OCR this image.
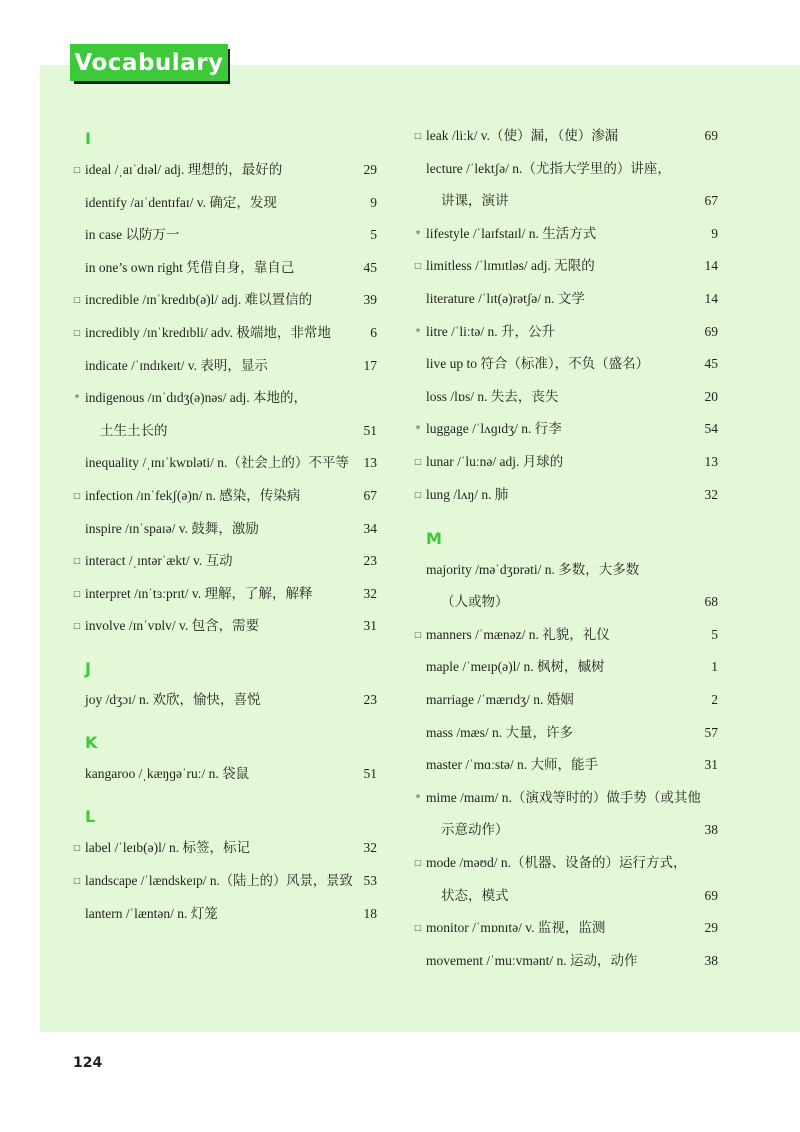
Vocabulary
I
□ ideal /ˌaɪˈdɪəl/ adj. 理想的，最好的	29
identify /aɪˈdentɪfaɪ/ v. 确定，发现	9
in case 以防万一	5
in one’s own right 凭借自身，靠自己	45
□ incredible /ɪnˈkredɪb(ə)l/ adj. 难以置信的	39
□ incredibly /ɪnˈkredɪbli/ adv. 极端地，非常地	6
indicate /ˈɪndɪkeɪt/ v. 表明，显示	17
* indigenous /ɪnˈdɪdʒ(ə)nəs/ adj. 本地的，
土生土长的	51
inequality /ˌɪnɪˈkwɒləti/ n.（社会上的）不平等 13
□ infection /ɪnˈfekʃ(ə)n/ n. 感染，传染病	67
inspire /ɪnˈspaɪə/ v. 鼓舞，激励	34
□ interact /ˌɪntərˈækt/ v. 互动	23
□ interpret /ɪnˈtɜːprɪt/ v. 理解，了解，解释	32
□ involve /ɪnˈvɒlv/ v. 包含，需要	31
J
joy /dʒɔɪ/ n. 欢欣，愉快，喜悦	23
K
kangaroo /ˌkæŋɡəˈruː/ n. 袋鼠	51
L
□ label /ˈleɪb(ə)l/ n. 标签，标记	32
□ landscape /ˈlændskeɪp/ n.（陆上的）风景，景致 53
lantern /ˈlæntən/ n. 灯笼	18
□ leak /liːk/ v.（使）漏，（使）渗漏	69
lecture /ˈlektʃə/ n.（尤指大学里的）讲座，
讲课，演讲	67
* lifestyle /ˈlaɪfstaɪl/ n. 生活方式	9
□ limitless /ˈlɪmɪtləs/ adj. 无限的	14
literature /ˈlɪt(ə)rətʃə/ n. 文学	14
* litre /ˈliːtə/ n. 升，公升	69
live up to 符合（标准），不负（盛名）	45
loss /lɒs/ n. 失去，丧失	20
* luggage /ˈlʌɡɪdʒ/ n. 行李	54
□ lunar /ˈluːnə/ adj. 月球的	13
□ lung /lʌŋ/ n. 肺	32
M
majority /məˈdʒɒrəti/ n. 多数，大多数
（人或物）	68
□ manners /ˈmænəz/ n. 礼貌，礼仪	5
maple /ˈmeɪp(ə)l/ n. 枫树，槭树	1
marriage /ˈmærɪdʒ/ n. 婚姻	2
mass /mæs/ n. 大量，许多	57
master /ˈmɑːstə/ n. 大师，能手	31
* mime /maɪm/ n.（演戏等时的）做手势（或其他
示意动作）	38
□ mode /məʊd/ n.（机器、设备的）运行方式，
状态，模式	69
□ monitor /ˈmɒnɪtə/ v. 监视，监测	29
movement /ˈmuːvmənt/ n. 运动，动作	38
124
